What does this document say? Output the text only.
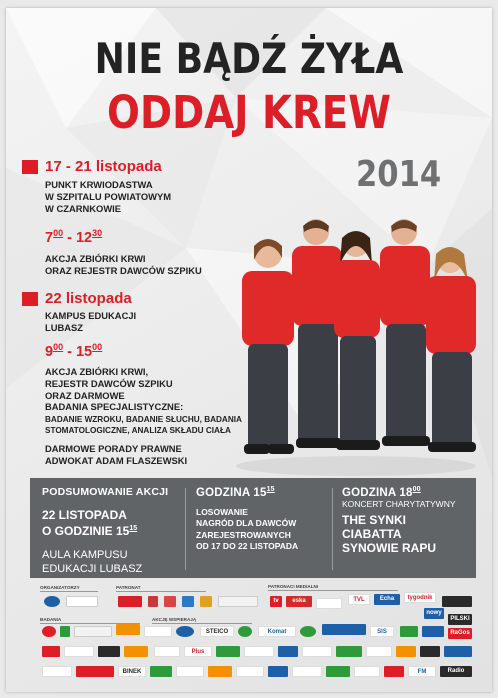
NIE BĄDŹ ŻYŁA
ODDAJ KREW
2014
17 - 21 listopada
PUNKT KRWIODASTWA
W SZPITALU POWIATOWYM
W CZARNKOWIE
$7^{00} - 12^{30}$
AKCJA ZBIÓRKI KRWI
ORAZ REJESTR DAWCÓW SZPIKU
22 listopada
KAMPUS EDUKACJI
LUBASZ
$9^{00} - 15^{00}$
AKCJA ZBIÓRKI KRWI,
REJESTR DAWCÓW SZPIKU
ORAZ DARMOWE
BADANIA SPECJALISTYCZNE:
BADANIE WZROKU, BADANIE SŁUCHU, BADANIA
STOMATOLOGICZNE, ANALIZA SKŁADU CIAŁA
DARMOWE PORADY PRAWNE
ADWOKAT ADAM FLASZEWSKI
PODSUMOWANIE AKCJI
22 LISTOPADA
O GODZINIE $15^{15}$
AULA KAMPUSU
EDUKACJI LUBASZ
GODZINA $15^{15}$
LOSOWANIE
NAGRÓD DLA DAWCÓW
ZAREJESTROWANYCH
OD 17 DO 22 LISTOPADA
GODZINA $18^{00}$
KONCERT CHARYTATYWNY
THE SYNKI
CIABATTA
SYNOWIE RAPU
ORGANIZATORZY	PATRONAT	PATRONACI MEDIALNI
BADANIA	AKCJĘ WSPIERAJĄ
tv	eska	TVL	Echa	tygodnik
STEICO	Komat	SIS
PILSKI
RaGos
nowy
Plus
BINEK	FM	Radio
